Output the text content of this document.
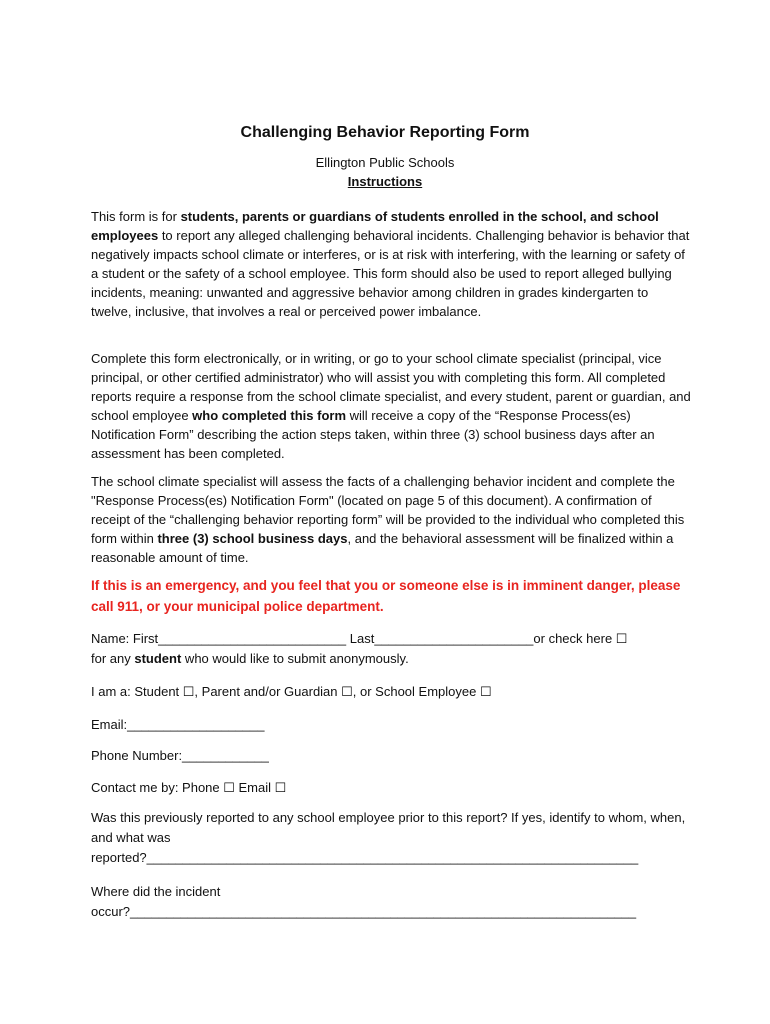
Challenging Behavior Reporting Form
Ellington Public Schools
Instructions

This form is for students, parents or guardians of students enrolled in the school, and school employees to report any alleged challenging behavioral incidents. Challenging behavior is behavior that negatively impacts school climate or interferes, or is at risk with interfering, with the learning or safety of a student or the safety of a school employee. This form should also be used to report alleged bullying incidents, meaning: unwanted and aggressive behavior among children in grades kindergarten to twelve, inclusive, that involves a real or perceived power imbalance.

Complete this form electronically, or in writing, or go to your school climate specialist (principal, vice principal, or other certified administrator) who will assist you with completing this form. All completed reports require a response from the school climate specialist, and every student, parent or guardian, and school employee who completed this form will receive a copy of the “Response Process(es) Notification Form” describing the action steps taken, within three (3) school business days after an assessment has been completed.

The school climate specialist will assess the facts of a challenging behavior incident and complete the "Response Process(es) Notification Form" (located on page 5 of this document). A confirmation of receipt of the “challenging behavior reporting form” will be provided to the individual who completed this form within three (3) school business days, and the behavioral assessment will be finalized within a reasonable amount of time.

If this is an emergency, and you feel that you or someone else is in imminent danger, please call 911, or your municipal police department.

Name: First__________________________ Last______________________or check here ☐

for any student who would like to submit anonymously.

I am a: Student ☐, Parent and/or Guardian ☐, or School Employee ☐
Email:___________________
Phone Number:____________
Contact me by: Phone ☐ Email ☐

Was this previously reported to any school employee prior to this report? If yes, identify to whom, when, and what was

reported?____________________________________________________________________

Where did the incident

occur?______________________________________________________________________
